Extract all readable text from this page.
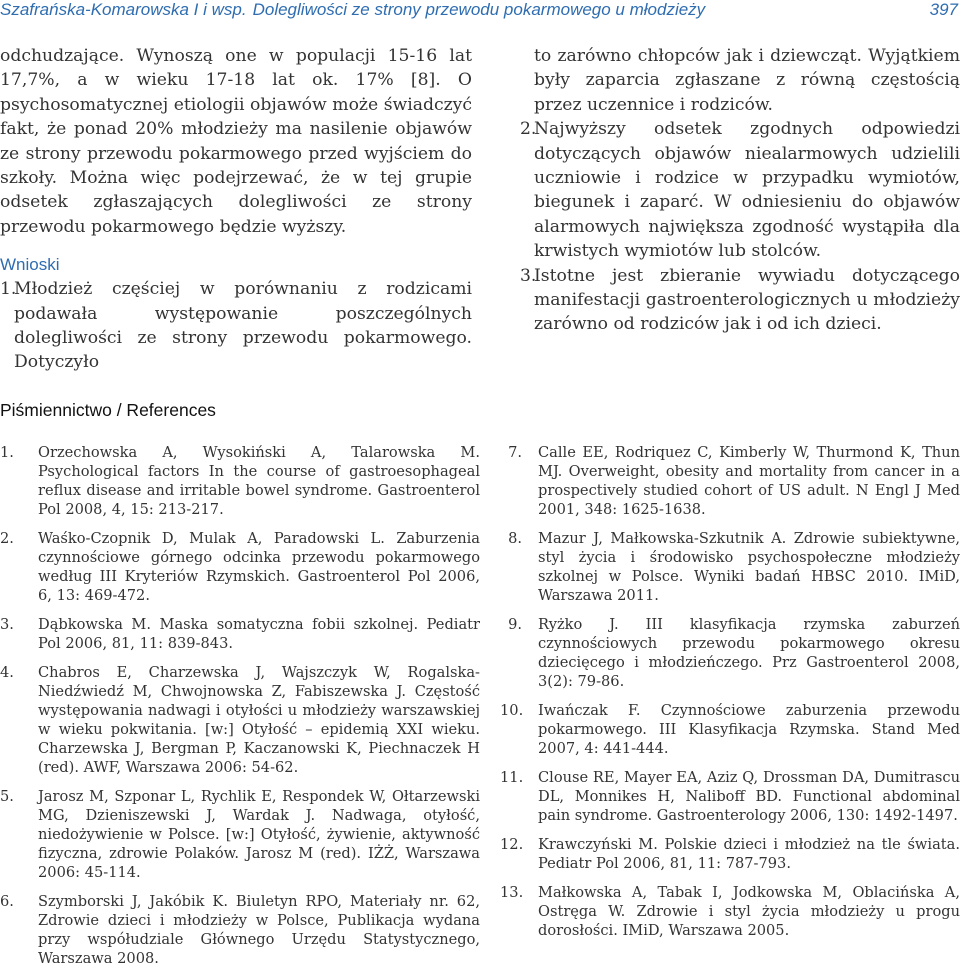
Szafrańska-Komarowska I i wsp. Dolegliwości ze strony przewodu pokarmowego u młodzieży	397

odchudzające. Wynoszą one w populacji 15-16 lat 17,7%, a w wieku 17-18 lat ok. 17% [8]. O psychosomatycznej etiologii objawów może świadczyć fakt, że ponad 20% młodzieży ma nasilenie objawów ze strony przewodu pokarmowego przed wyjściem do szkoły. Można więc podejrzewać, że w tej grupie odsetek zgłaszających dolegliwości ze strony przewodu pokarmowego będzie wyższy.

Wnioski
1.
Młodzież częściej w porównaniu z rodzicami podawała występowanie poszczególnych dolegliwości ze strony przewodu pokarmowego. Dotyczyło

to zarówno chłopców jak i dziewcząt. Wyjątkiem były zaparcia zgłaszane z równą częstością przez uczennice i rodziców.

2.
Najwyższy odsetek zgodnych odpowiedzi dotyczących objawów niealarmowych udzielili uczniowie i rodzice w przypadku wymiotów, biegunek i zaparć. W odniesieniu do objawów alarmowych największa zgodność wystąpiła dla krwistych wymiotów lub stolców.
3.
Istotne jest zbieranie wywiadu dotyczącego manifestacji gastroenterologicznych u młodzieży zarówno od rodziców jak i od ich dzieci.
Piśmiennictwo / References
1.	Orzechowska A, Wysokiński A, Talarowska M. Psychological factors In the course of gastroesophageal reflux disease and irritable bowel syndrome. Gastroenterol Pol 2008, 4, 15: 213-217.
2.	Waśko-Czopnik D, Mulak A, Paradowski L. Zaburzenia czynnościowe górnego odcinka przewodu pokarmowego według III Kryteriów Rzymskich. Gastroenterol Pol 2006, 6, 13: 469-472.
3.	Dąbkowska M. Maska somatyczna fobii szkolnej. Pediatr Pol 2006, 81, 11: 839-843.
4.	Chabros E, Charzewska J, Wajszczyk W, Rogalska-Niedźwiedź M, Chwojnowska Z, Fabiszewska J. Częstość występowania nadwagi i otyłości u młodzieży warszawskiej w wieku pokwitania. [w:] Otyłość – epidemią XXI wieku. Charzewska J, Bergman P, Kaczanowski K, Piechnaczek H (red). AWF, Warszawa 2006: 54-62.
5.	Jarosz M, Szponar L, Rychlik E, Respondek W, Ołtarzewski MG, Dzieniszewski J, Wardak J. Nadwaga, otyłość, niedożywienie w Polsce. [w:] Otyłość, żywienie, aktywność fizyczna, zdrowie Polaków. Jarosz M (red). IŻŻ, Warszawa 2006: 45-114.
6.	Szymborski J, Jakóbik K. Biuletyn RPO, Materiały nr. 62, Zdrowie dzieci i młodzieży w Polsce, Publikacja wydana przy współudziale Głównego Urzędu Statystycznego, Warszawa 2008.
7. Calle EE, Rodriquez C, Kimberly W, Thurmond K, Thun MJ. Overweight, obesity and mortality from cancer in a prospectively studied cohort of US adult. N Engl J Med 2001, 348: 1625-1638.
8. Mazur J, Małkowska-Szkutnik A. Zdrowie subiektywne, styl życia i środowisko psychospołeczne młodzieży szkolnej w Polsce. Wyniki badań HBSC 2010. IMiD, Warszawa 2011.
9. Ryżko J. III klasyfikacja rzymska zaburzeń czynnościowych przewodu pokarmowego okresu dziecięcego i młodzieńczego. Prz Gastroenterol 2008, 3(2): 79-86.
10. Iwańczak F. Czynnościowe zaburzenia przewodu pokarmowego. III Klasyfikacja Rzymska. Stand Med 2007, 4: 441-444.
11. Clouse RE, Mayer EA, Aziz Q, Drossman DA, Dumitrascu DL, Monnikes H, Naliboff BD. Functional abdominal pain syndrome. Gastroenterology 2006, 130: 1492-1497.
12. Krawczyński M. Polskie dzieci i młodzież na tle świata. Pediatr Pol 2006, 81, 11: 787-793.
13. Małkowska A, Tabak I, Jodkowska M, Oblacińska A, Ostręga W. Zdrowie i styl życia młodzieży u progu dorosłości. IMiD, Warszawa 2005.
